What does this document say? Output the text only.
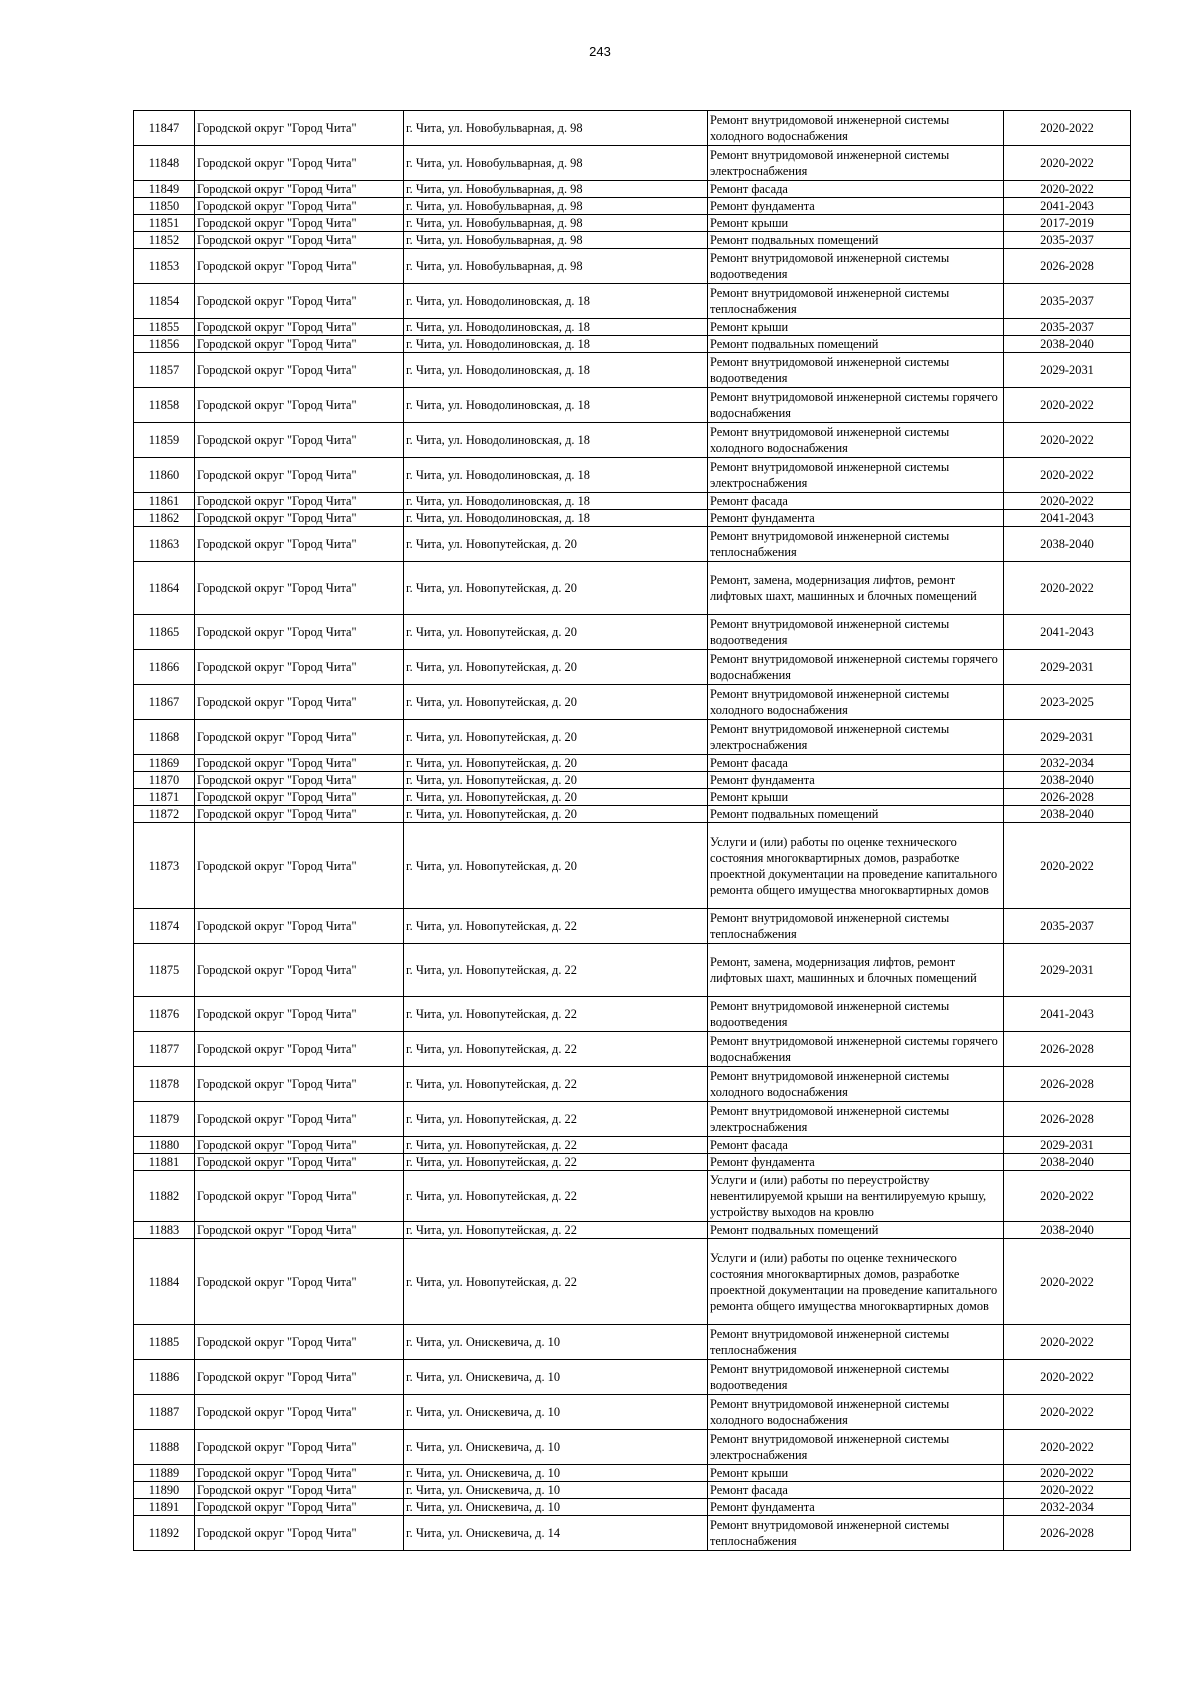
243
11847	Городской округ "Город Чита"	г. Чита, ул. Новобульварная, д. 98	Ремонт внутридомовой инженерной системы холодного водоснабжения	2020-2022
11848	Городской округ "Город Чита"	г. Чита, ул. Новобульварная, д. 98	Ремонт внутридомовой инженерной системы электроснабжения	2020-2022
11849	Городской округ "Город Чита"	г. Чита, ул. Новобульварная, д. 98	Ремонт фасада	2020-2022
11850	Городской округ "Город Чита"	г. Чита, ул. Новобульварная, д. 98	Ремонт фундамента	2041-2043
11851	Городской округ "Город Чита"	г. Чита, ул. Новобульварная, д. 98	Ремонт крыши	2017-2019
11852	Городской округ "Город Чита"	г. Чита, ул. Новобульварная, д. 98	Ремонт подвальных помещений	2035-2037
11853	Городской округ "Город Чита"	г. Чита, ул. Новобульварная, д. 98	Ремонт внутридомовой инженерной системы водоотведения	2026-2028
11854	Городской округ "Город Чита"	г. Чита, ул. Новодолиновская, д. 18	Ремонт внутридомовой инженерной системы теплоснабжения	2035-2037
11855	Городской округ "Город Чита"	г. Чита, ул. Новодолиновская, д. 18	Ремонт крыши	2035-2037
11856	Городской округ "Город Чита"	г. Чита, ул. Новодолиновская, д. 18	Ремонт подвальных помещений	2038-2040
11857	Городской округ "Город Чита"	г. Чита, ул. Новодолиновская, д. 18	Ремонт внутридомовой инженерной системы водоотведения	2029-2031
11858	Городской округ "Город Чита"	г. Чита, ул. Новодолиновская, д. 18	Ремонт внутридомовой инженерной системы горячего водоснабжения	2020-2022
11859	Городской округ "Город Чита"	г. Чита, ул. Новодолиновская, д. 18	Ремонт внутридомовой инженерной системы холодного водоснабжения	2020-2022
11860	Городской округ "Город Чита"	г. Чита, ул. Новодолиновская, д. 18	Ремонт внутридомовой инженерной системы электроснабжения	2020-2022
11861	Городской округ "Город Чита"	г. Чита, ул. Новодолиновская, д. 18	Ремонт фасада	2020-2022
11862	Городской округ "Город Чита"	г. Чита, ул. Новодолиновская, д. 18	Ремонт фундамента	2041-2043
11863	Городской округ "Город Чита"	г. Чита, ул. Новопутейская, д. 20	Ремонт внутридомовой инженерной системы теплоснабжения	2038-2040
11864	Городской округ "Город Чита"	г. Чита, ул. Новопутейская, д. 20	Ремонт, замена, модернизация лифтов, ремонт лифтовых шахт, машинных и блочных помещений	2020-2022
11865	Городской округ "Город Чита"	г. Чита, ул. Новопутейская, д. 20	Ремонт внутридомовой инженерной системы водоотведения	2041-2043
11866	Городской округ "Город Чита"	г. Чита, ул. Новопутейская, д. 20	Ремонт внутридомовой инженерной системы горячего водоснабжения	2029-2031
11867	Городской округ "Город Чита"	г. Чита, ул. Новопутейская, д. 20	Ремонт внутридомовой инженерной системы холодного водоснабжения	2023-2025
11868	Городской округ "Город Чита"	г. Чита, ул. Новопутейская, д. 20	Ремонт внутридомовой инженерной системы электроснабжения	2029-2031
11869	Городской округ "Город Чита"	г. Чита, ул. Новопутейская, д. 20	Ремонт фасада	2032-2034
11870	Городской округ "Город Чита"	г. Чита, ул. Новопутейская, д. 20	Ремонт фундамента	2038-2040
11871	Городской округ "Город Чита"	г. Чита, ул. Новопутейская, д. 20	Ремонт крыши	2026-2028
11872	Городской округ "Город Чита"	г. Чита, ул. Новопутейская, д. 20	Ремонт подвальных помещений	2038-2040
11873	Городской округ "Город Чита"	г. Чита, ул. Новопутейская, д. 20	Услуги и (или) работы по оценке технического состояния многоквартирных домов, разработке проектной документации на проведение капитального ремонта общего имущества многоквартирных домов	2020-2022
11874	Городской округ "Город Чита"	г. Чита, ул. Новопутейская, д. 22	Ремонт внутридомовой инженерной системы теплоснабжения	2035-2037
11875	Городской округ "Город Чита"	г. Чита, ул. Новопутейская, д. 22	Ремонт, замена, модернизация лифтов, ремонт лифтовых шахт, машинных и блочных помещений	2029-2031
11876	Городской округ "Город Чита"	г. Чита, ул. Новопутейская, д. 22	Ремонт внутридомовой инженерной системы водоотведения	2041-2043
11877	Городской округ "Город Чита"	г. Чита, ул. Новопутейская, д. 22	Ремонт внутридомовой инженерной системы горячего водоснабжения	2026-2028
11878	Городской округ "Город Чита"	г. Чита, ул. Новопутейская, д. 22	Ремонт внутридомовой инженерной системы холодного водоснабжения	2026-2028
11879	Городской округ "Город Чита"	г. Чита, ул. Новопутейская, д. 22	Ремонт внутридомовой инженерной системы электроснабжения	2026-2028
11880	Городской округ "Город Чита"	г. Чита, ул. Новопутейская, д. 22	Ремонт фасада	2029-2031
11881	Городской округ "Город Чита"	г. Чита, ул. Новопутейская, д. 22	Ремонт фундамента	2038-2040
11882	Городской округ "Город Чита"	г. Чита, ул. Новопутейская, д. 22	Услуги и (или) работы по переустройству невентилируемой крыши на вентилируемую крышу, устройству выходов на кровлю	2020-2022
11883	Городской округ "Город Чита"	г. Чита, ул. Новопутейская, д. 22	Ремонт подвальных помещений	2038-2040
11884	Городской округ "Город Чита"	г. Чита, ул. Новопутейская, д. 22	Услуги и (или) работы по оценке технического состояния многоквартирных домов, разработке проектной документации на проведение капитального ремонта общего имущества многоквартирных домов	2020-2022
11885	Городской округ "Город Чита"	г. Чита, ул. Онискевича, д. 10	Ремонт внутридомовой инженерной системы теплоснабжения	2020-2022
11886	Городской округ "Город Чита"	г. Чита, ул. Онискевича, д. 10	Ремонт внутридомовой инженерной системы водоотведения	2020-2022
11887	Городской округ "Город Чита"	г. Чита, ул. Онискевича, д. 10	Ремонт внутридомовой инженерной системы холодного водоснабжения	2020-2022
11888	Городской округ "Город Чита"	г. Чита, ул. Онискевича, д. 10	Ремонт внутридомовой инженерной системы электроснабжения	2020-2022
11889	Городской округ "Город Чита"	г. Чита, ул. Онискевича, д. 10	Ремонт крыши	2020-2022
11890	Городской округ "Город Чита"	г. Чита, ул. Онискевича, д. 10	Ремонт фасада	2020-2022
11891	Городской округ "Город Чита"	г. Чита, ул. Онискевича, д. 10	Ремонт фундамента	2032-2034
11892	Городской округ "Город Чита"	г. Чита, ул. Онискевича, д. 14	Ремонт внутридомовой инженерной системы теплоснабжения	2026-2028
